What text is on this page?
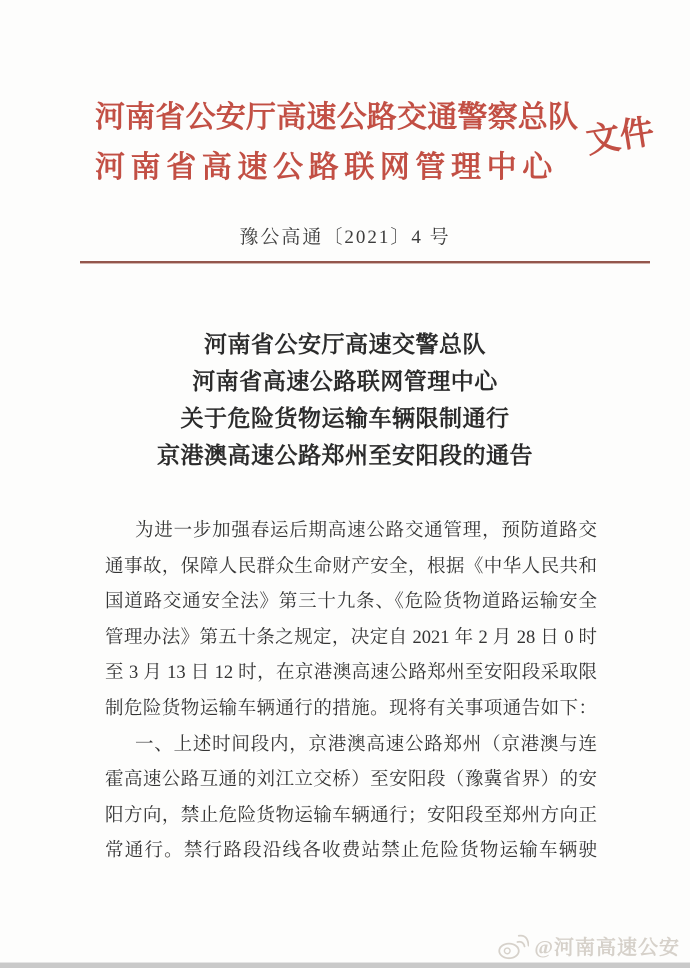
河南省公安厅高速公路交通警察总队
河南省高速公路联网管理中心
文件
豫公高通〔2021〕4 号
河南省公安厅高速交警总队
河南省高速公路联网管理中心
关于危险货物运输车辆限制通行
京港澳高速公路郑州至安阳段的通告
为进一步加强春运后期高速公路交通管理，预防道路交
通事故，保障人民群众生命财产安全，根据《中华人民共和
国道路交通安全法》第三十九条、《危险货物道路运输安全
管理办法》第五十条之规定，决定自 2021 年 2 月 28 日 0 时
至 3 月 13 日 12 时，在京港澳高速公路郑州至安阳段采取限
制危险货物运输车辆通行的措施。现将有关事项通告如下：
一、上述时间段内，京港澳高速公路郑州（京港澳与连
霍高速公路互通的刘江立交桥）至安阳段（豫冀省界）的安
阳方向，禁止危险货物运输车辆通行；安阳段至郑州方向正
常通行。禁行路段沿线各收费站禁止危险货物运输车辆驶
@河南高速公安
